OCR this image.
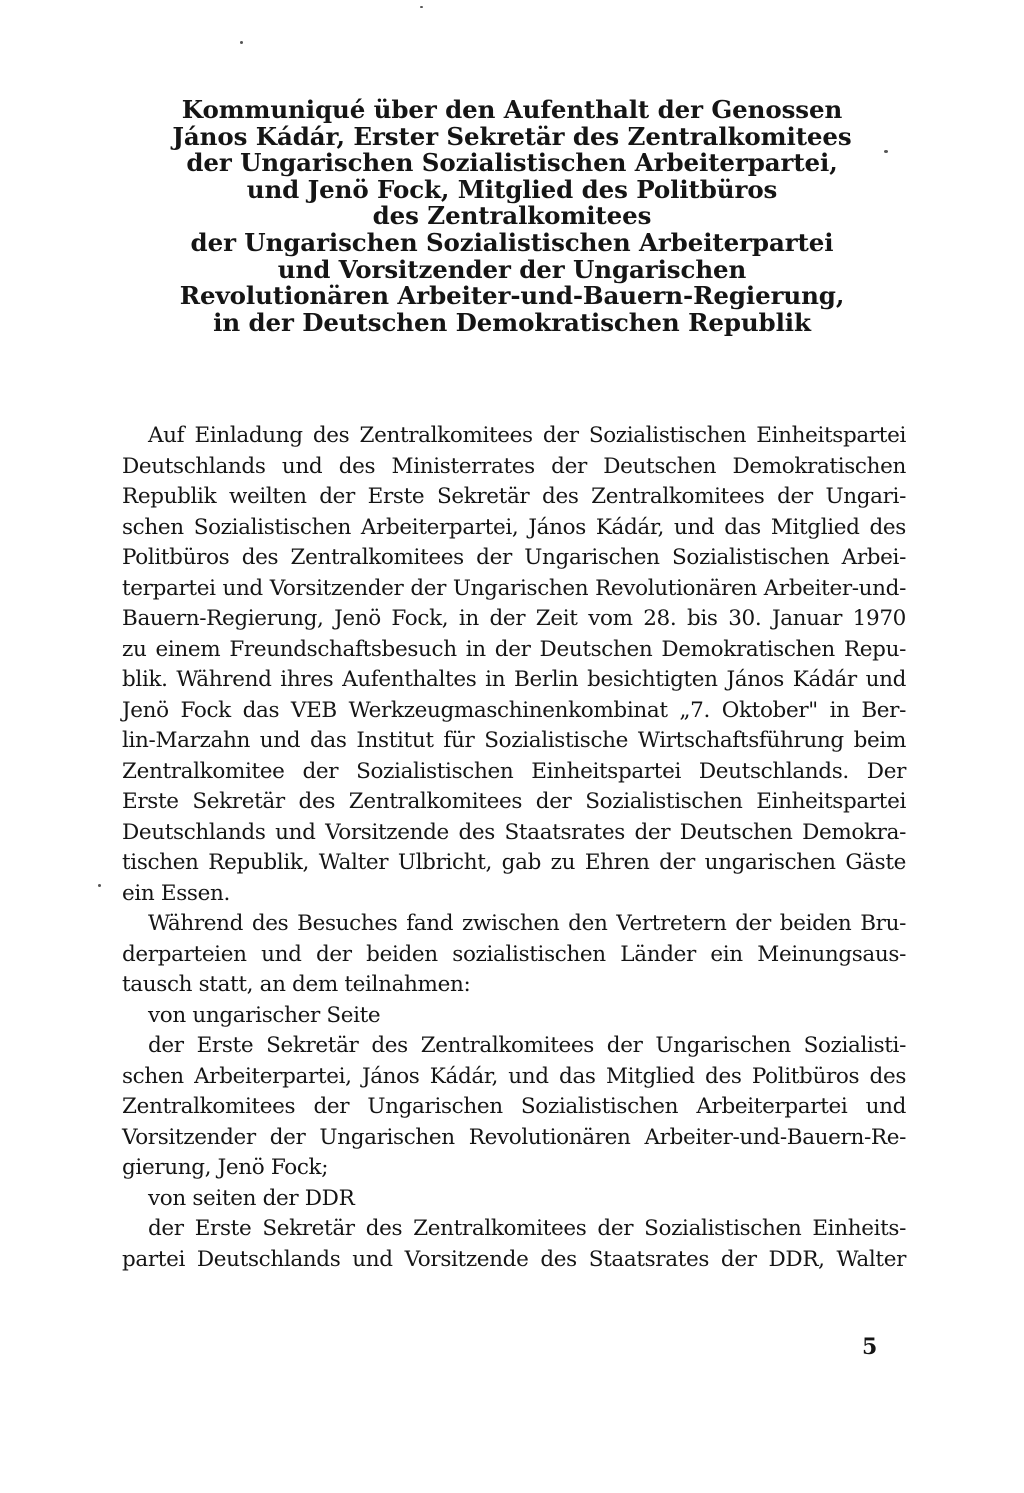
Kommuniqué über den Aufenthalt der Genossen
János Kádár, Erster Sekretär des Zentralkomitees
der Ungarischen Sozialistischen Arbeiterpartei,
und Jenö Fock, Mitglied des Politbüros
des Zentralkomitees
der Ungarischen Sozialistischen Arbeiterpartei
und Vorsitzender der Ungarischen
Revolutionären Arbeiter-und-Bauern-Regierung,
in der Deutschen Demokratischen Republik
Auf Einladung des Zentralkomitees der Sozialistischen Einheitspartei
Deutschlands und des Ministerrates der Deutschen Demokratischen
Republik weilten der Erste Sekretär des Zentralkomitees der Ungari-
schen Sozialistischen Arbeiterpartei, János Kádár, und das Mitglied des
Politbüros des Zentralkomitees der Ungarischen Sozialistischen Arbei-
terpartei und Vorsitzender der Ungarischen Revolutionären Arbeiter-und-
Bauern-Regierung, Jenö Fock, in der Zeit vom 28. bis 30. Januar 1970
zu einem Freundschaftsbesuch in der Deutschen Demokratischen Repu-
blik. Während ihres Aufenthaltes in Berlin besichtigten János Kádár und
Jenö Fock das VEB Werkzeugmaschinenkombinat „7. Oktober" in Ber-
lin-Marzahn und das Institut für Sozialistische Wirtschaftsführung beim
Zentralkomitee der Sozialistischen Einheitspartei Deutschlands. Der
Erste Sekretär des Zentralkomitees der Sozialistischen Einheitspartei
Deutschlands und Vorsitzende des Staatsrates der Deutschen Demokra-
tischen Republik, Walter Ulbricht, gab zu Ehren der ungarischen Gäste
ein Essen.
Während des Besuches fand zwischen den Vertretern der beiden Bru-
derparteien und der beiden sozialistischen Länder ein Meinungsaus-
tausch statt, an dem teilnahmen:
von ungarischer Seite
der Erste Sekretär des Zentralkomitees der Ungarischen Sozialisti-
schen Arbeiterpartei, János Kádár, und das Mitglied des Politbüros des
Zentralkomitees der Ungarischen Sozialistischen Arbeiterpartei und
Vorsitzender der Ungarischen Revolutionären Arbeiter-und-Bauern-Re-
gierung, Jenö Fock;
von seiten der DDR
der Erste Sekretär des Zentralkomitees der Sozialistischen Einheits-
partei Deutschlands und Vorsitzende des Staatsrates der DDR, Walter
5
